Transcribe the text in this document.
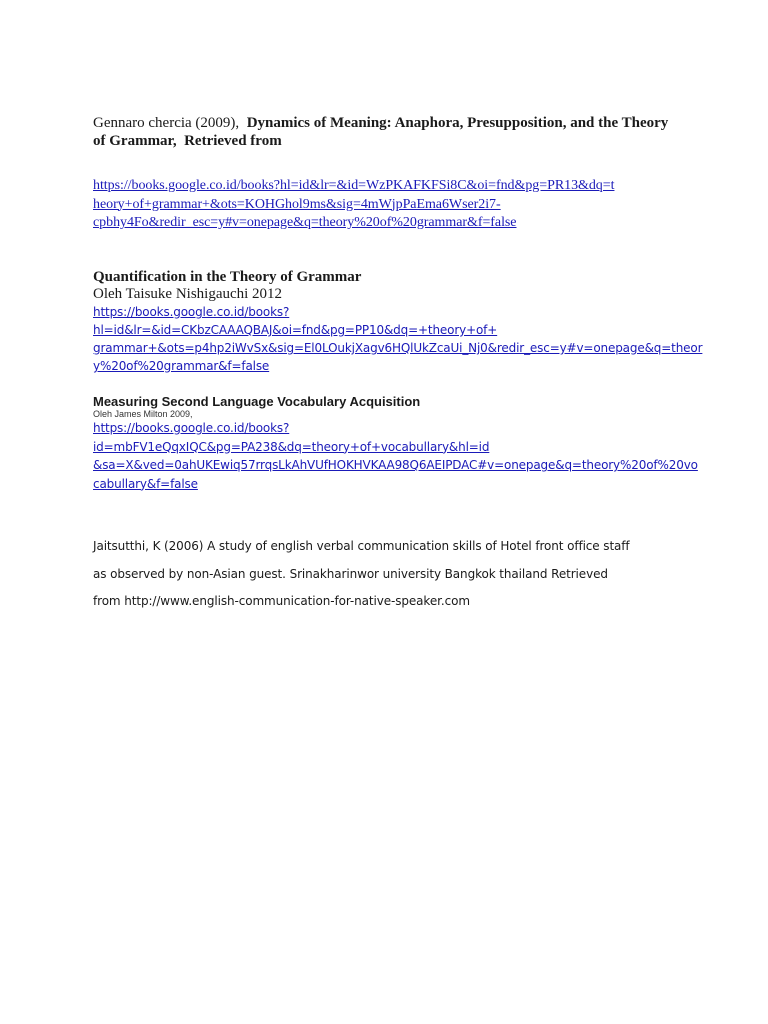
Gennaro chercia (2009), Dynamics of Meaning: Anaphora, Presupposition, and the Theory of Grammar, Retrieved from
https://books.google.co.id/books?hl=id&lr=&id=WzPKAFKFSi8C&oi=fnd&pg=PR13&dq=t
heory+of+grammar+&ots=KOHGhol9ms&sig=4mWjpPaEma6Wser2i7-
cpbhy4Fo&redir_esc=y#v=onepage&q=theory%20of%20grammar&f=false
Quantification in the Theory of Grammar
Oleh Taisuke Nishigauchi 2012
https://books.google.co.id/books?hl=id&lr=&id=CKbzCAAAQBAJ&oi=fnd&pg=PP10&dq=+theory+of+
grammar+&ots=p4hp2iWvSx&sig=El0LOukjXagv6HQlUkZcaUi_Nj0&redir_esc=y#v=onepage&q=theor
y%20of%20grammar&f=false
Measuring Second Language Vocabulary Acquisition
Oleh James Milton 2009,
https://books.google.co.id/books?id=mbFV1eQqxIQC&pg=PA238&dq=theory+of+vocabullary&hl=id
&sa=X&ved=0ahUKEwiq57rrqsLkAhVUfHOKHVKAA98Q6AEIPDAC#v=onepage&q=theory%20of%20vo
cabullary&f=false
Jaitsutthi, K (2006) A study of english verbal communication skills of Hotel front office staff
as observed by non-Asian guest. Srinakharinwor university Bangkok thailand Retrieved
from http://www.english-communication-for-native-speaker.com
